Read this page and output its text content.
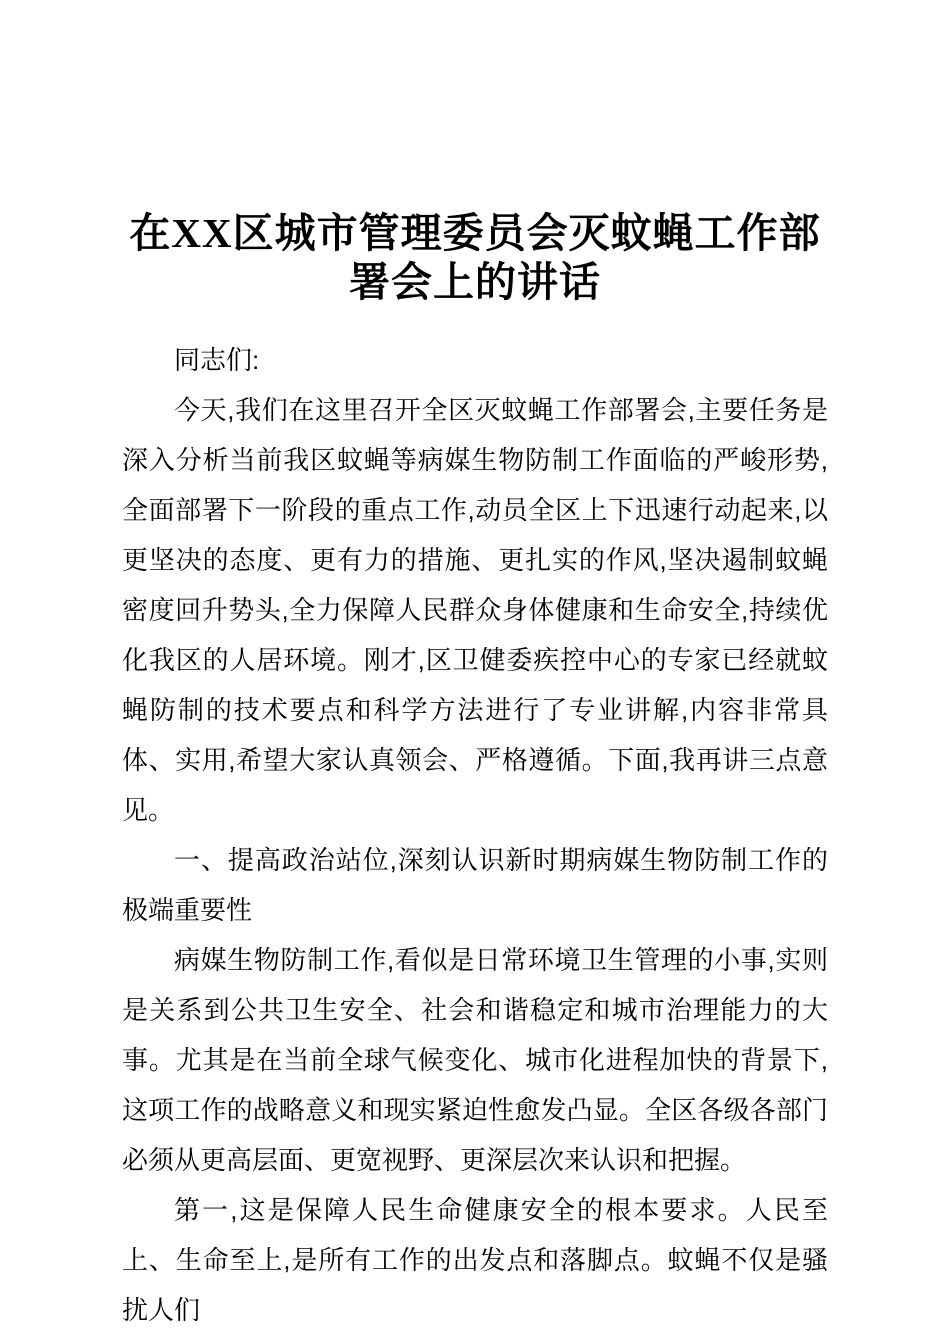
在XX区城市管理委员会灭蚊蝇工作部
署会上的讲话

同志们:

今天,我们在这里召开全区灭蚊蝇工作部署会,主要任务是深入分析当前我区蚊蝇等病媒生物防制工作面临的严峻形势,全面部署下一阶段的重点工作,动员全区上下迅速行动起来,以更坚决的态度、更有力的措施、更扎实的作风,坚决遏制蚊蝇密度回升势头,全力保障人民群众身体健康和生命安全,持续优化我区的人居环境。刚才,区卫健委疾控中心的专家已经就蚊蝇防制的技术要点和科学方法进行了专业讲解,内容非常具体、实用,希望大家认真领会、严格遵循。下面,我再讲三点意见。

一、提高政治站位,深刻认识新时期病媒生物防制工作的极端重要性

病媒生物防制工作,看似是日常环境卫生管理的小事,实则是关系到公共卫生安全、社会和谐稳定和城市治理能力的大事。尤其是在当前全球气候变化、城市化进程加快的背景下,这项工作的战略意义和现实紧迫性愈发凸显。全区各级各部门必须从更高层面、更宽视野、更深层次来认识和把握。

第一,这是保障人民生命健康安全的根本要求。人民至上、生命至上,是所有工作的出发点和落脚点。蚊蝇不仅是骚扰人们
